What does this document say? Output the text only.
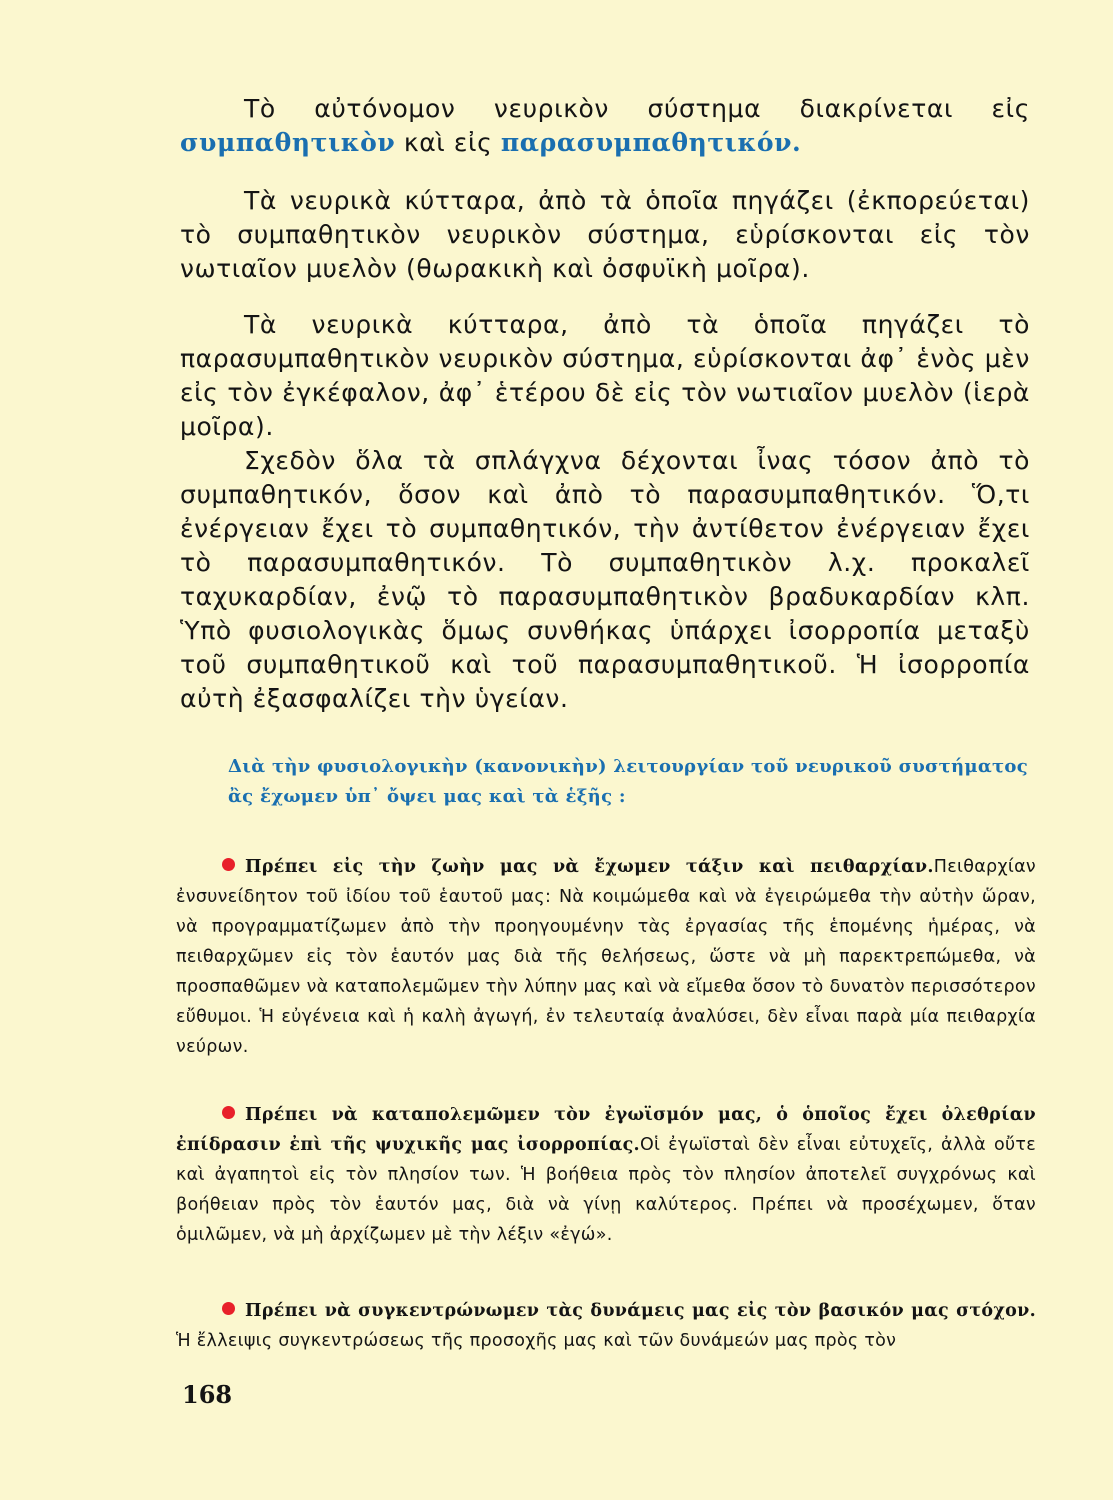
Τὸ αὐτόνομον νευρικὸν σύστημα διακρίνεται εἰς συμπαθητικὸν καὶ εἰς παρασυμπαθητικόν.

Τὰ νευρικὰ κύτταρα, ἀπὸ τὰ ὁποῖα πηγάζει (ἐκπορεύεται) τὸ συμπαθητικὸν νευρικὸν σύστημα, εὑρίσκονται εἰς τὸν νωτιαῖον μυελὸν (θωρακικὴ καὶ ὀσφυϊκὴ μοῖρα).

Τὰ νευρικὰ κύτταρα, ἀπὸ τὰ ὁποῖα πηγάζει τὸ παρασυμπαθητικὸν νευρικὸν σύστημα, εὑρίσκονται ἀφ᾿ ἑνὸς μὲν εἰς τὸν ἐγκέφαλον, ἀφ᾿ ἑτέρου δὲ εἰς τὸν νωτιαῖον μυελὸν (ἱερὰ μοῖρα).

Σχεδὸν ὅλα τὰ σπλάγχνα δέχονται ἶνας τόσον ἀπὸ τὸ συμπαθητικόν, ὅσον καὶ ἀπὸ τὸ παρασυμπαθητικόν. Ὅ,τι ἐνέργειαν ἔχει τὸ συμπαθητικόν, τὴν ἀντίθετον ἐνέργειαν ἔχει τὸ παρασυμπαθητικόν. Τὸ συμπαθητικὸν λ.χ. προκαλεῖ ταχυκαρδίαν, ἐνῷ τὸ παρασυμπαθητικὸν βραδυκαρδίαν κλπ. Ὑπὸ φυσιολογικὰς ὅμως συνθήκας ὑπάρχει ἰσορροπία μεταξὺ τοῦ συμπαθητικοῦ καὶ τοῦ παρασυμπαθητικοῦ. Ἡ ἰσορροπία αὐτὴ ἐξασφαλίζει τὴν ὑγείαν.

Διὰ τὴν φυσιολογικὴν (κανονικὴν) λειτουργίαν τοῦ νευρικοῦ συστήματος ἂς ἔχωμεν ὑπ᾿ ὄψει μας καὶ τὰ ἑξῆς :

Πρέπει εἰς τὴν ζωὴν μας νὰ ἔχωμεν τάξιν καὶ πειθαρχίαν.Πειθαρχίαν ἐνσυνείδητον τοῦ ἰδίου τοῦ ἑαυτοῦ μας: Νὰ κοιμώμεθα καὶ νὰ ἐγειρώμεθα τὴν αὐτὴν ὥραν, νὰ προγραμματίζωμεν ἀπὸ τὴν προηγουμένην τὰς ἐργασίας τῆς ἑπομένης ἡμέρας, νὰ πειθαρχῶμεν εἰς τὸν ἑαυτόν μας διὰ τῆς θελήσεως, ὥστε νὰ μὴ παρεκτρεπώμεθα, νὰ προσπαθῶμεν νὰ καταπολεμῶμεν τὴν λύπην μας καὶ νὰ εἴμεθα ὅσον τὸ δυνατὸν περισσότερον εὔθυμοι. Ἡ εὐγένεια καὶ ἡ καλὴ ἀγωγή, ἐν τελευταίᾳ ἀναλύσει, δὲν εἶναι παρὰ μία πειθαρχία νεύρων.

Πρέπει νὰ καταπολεμῶμεν τὸν ἐγωϊσμόν μας, ὁ ὁποῖος ἔχει ὀλεθρίαν ἐπίδρασιν ἐπὶ τῆς ψυχικῆς μας ἰσορροπίας.Οἱ ἐγωϊσταὶ δὲν εἶναι εὐτυχεῖς, ἀλλὰ οὔτε καὶ ἀγαπητοὶ εἰς τὸν πλησίον των. Ἡ βοήθεια πρὸς τὸν πλησίον ἀποτελεῖ συγχρόνως καὶ βοήθειαν πρὸς τὸν ἑαυτόν μας, διὰ νὰ γίνῃ καλύτερος. Πρέπει νὰ προσέχωμεν, ὅταν ὁμιλῶμεν, νὰ μὴ ἀρχίζωμεν μὲ τὴν λέξιν «ἐγώ».

Πρέπει νὰ συγκεντρώνωμεν τὰς δυνάμεις μας εἰς τὸν βασικόν μας στόχον. Ἡ ἔλλειψις συγκεντρώσεως τῆς προσοχῆς μας καὶ τῶν δυνάμεών μας πρὸς τὸν

168
